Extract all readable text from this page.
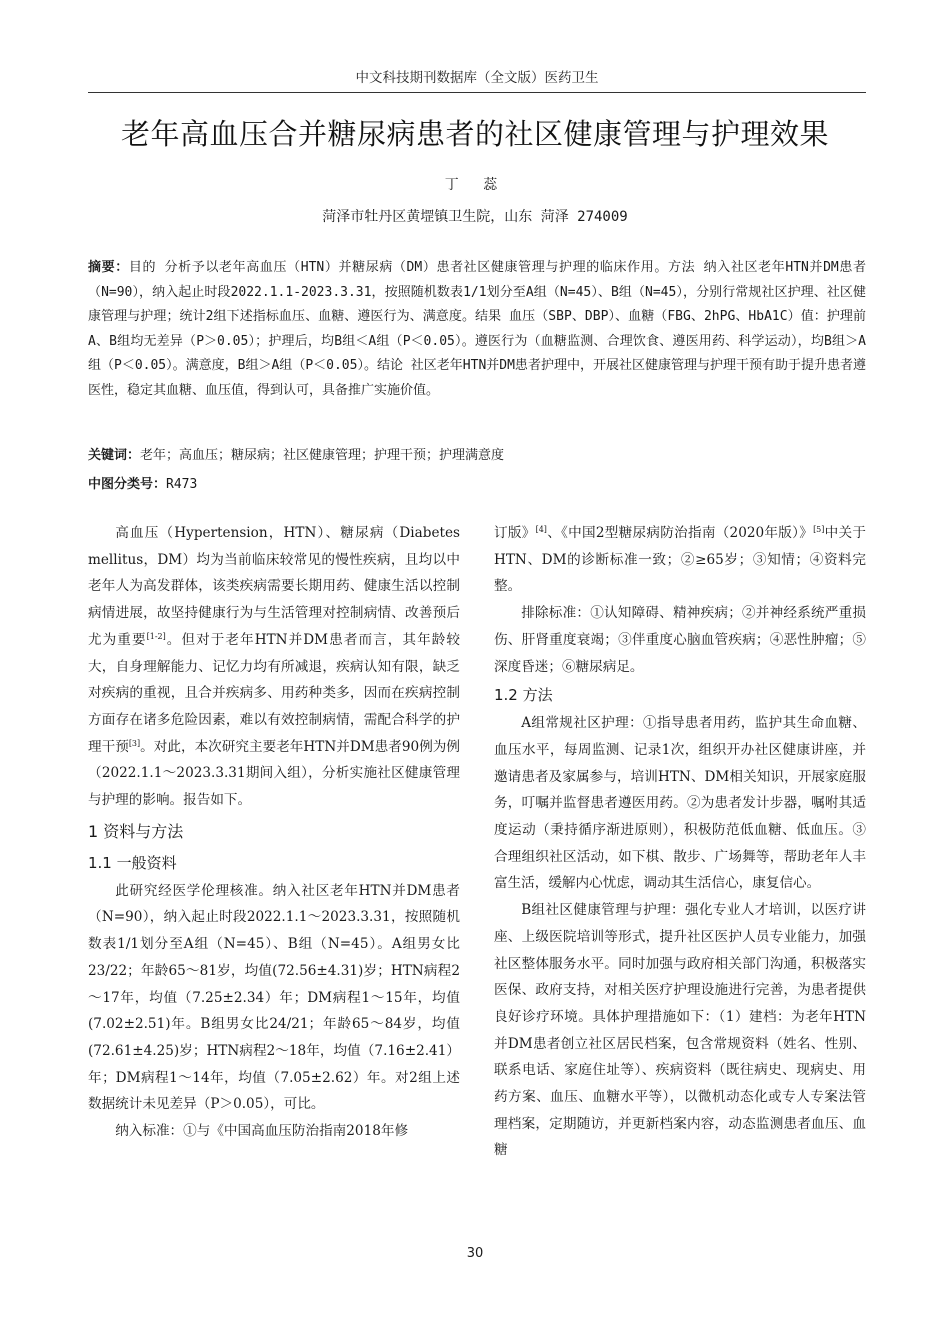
中文科技期刊数据库（全文版）医药卫生
老年高血压合并糖尿病患者的社区健康管理与护理效果
丁 蕊
菏泽市牡丹区黄堽镇卫生院，山东 菏泽 274009
摘要：目的 分析予以老年高血压（HTN）并糖尿病（DM）患者社区健康管理与护理的临床作用。方法 纳入社区老年HTN并DM患者（N=90），纳入起止时段2022.1.1-2023.3.31，按照随机数表1/1划分至A组（N=45）、B组（N=45），分别行常规社区护理、社区健康管理与护理；统计2组下述指标血压、血糖、遵医行为、满意度。结果 血压（SBP、DBP）、血糖（FBG、2hPG、HbA1C）值：护理前A、B组均无差异（P＞0.05）；护理后，均B组＜A组（P＜0.05）。遵医行为（血糖监测、合理饮食、遵医用药、科学运动），均B组＞A组（P＜0.05）。满意度，B组＞A组（P＜0.05）。结论 社区老年HTN并DM患者护理中，开展社区健康管理与护理干预有助于提升患者遵医性，稳定其血糖、血压值，得到认可，具备推广实施价值。
关键词：老年；高血压；糖尿病；社区健康管理；护理干预；护理满意度
中图分类号：R473

高血压（Hypertension，HTN）、糖尿病（Diabetes mellitus，DM）均为当前临床较常见的慢性疾病，且均以中老年人为高发群体，该类疾病需要长期用药、健康生活以控制病情进展，故坚持健康行为与生活管理对控制病情、改善预后尤为重要[1-2]。但对于老年HTN并DM患者而言，其年龄较大，自身理解能力、记忆力均有所减退，疾病认知有限，缺乏对疾病的重视，且合并疾病多、用药种类多，因而在疾病控制方面存在诸多危险因素，难以有效控制病情，需配合科学的护理干预[3]。对此，本次研究主要老年HTN并DM患者90例为例（2022.1.1～2023.3.31期间入组），分析实施社区健康管理与护理的影响。报告如下。

1 资料与方法
1.1 一般资料

此研究经医学伦理核准。纳入社区老年HTN并DM患者（N=90），纳入起止时段2022.1.1～2023.3.31，按照随机数表1/1划分至A组（N=45）、B组（N=45）。A组男女比23/22；年龄65～81岁，均值(72.56±4.31)岁；HTN病程2～17年，均值（7.25±2.34）年；DM病程1～15年，均值(7.02±2.51)年。B组男女比24/21；年龄65～84岁，均值(72.61±4.25)岁；HTN病程2～18年，均值（7.16±2.41）年；DM病程1～14年，均值（7.05±2.62）年。对2组上述数据统计未见差异（P＞0.05），可比。

纳入标准：①与《中国高血压防治指南2018年修

订版》[4]、《中国2型糖尿病防治指南（2020年版）》[5]中关于HTN、DM的诊断标准一致；②≥65岁；③知情；④资料完整。

排除标准：①认知障碍、精神疾病；②并神经系统严重损伤、肝肾重度衰竭；③伴重度心脑血管疾病；④恶性肿瘤；⑤深度昏迷；⑥糖尿病足。

1.2 方法

A组常规社区护理：①指导患者用药，监护其生命血糖、血压水平，每周监测、记录1次，组织开办社区健康讲座，并邀请患者及家属参与，培训HTN、DM相关知识，开展家庭服务，叮嘱并监督患者遵医用药。②为患者发计步器，嘱咐其适度运动（秉持循序渐进原则），积极防范低血糖、低血压。③合理组织社区活动，如下棋、散步、广场舞等，帮助老年人丰富生活，缓解内心忧虑，调动其生活信心，康复信心。

B组社区健康管理与护理：强化专业人才培训，以医疗讲座、上级医院培训等形式，提升社区医护人员专业能力，加强社区整体服务水平。同时加强与政府相关部门沟通，积极落实医保、政府支持，对相关医疗护理设施进行完善，为患者提供良好诊疗环境。具体护理措施如下：（1）建档：为老年HTN并DM患者创立社区居民档案，包含常规资料（姓名、性别、联系电话、家庭住址等）、疾病资料（既往病史、现病史、用药方案、血压、血糖水平等），以微机动态化或专人专案法管理档案，定期随访，并更新档案内容，动态监测患者血压、血糖

30
